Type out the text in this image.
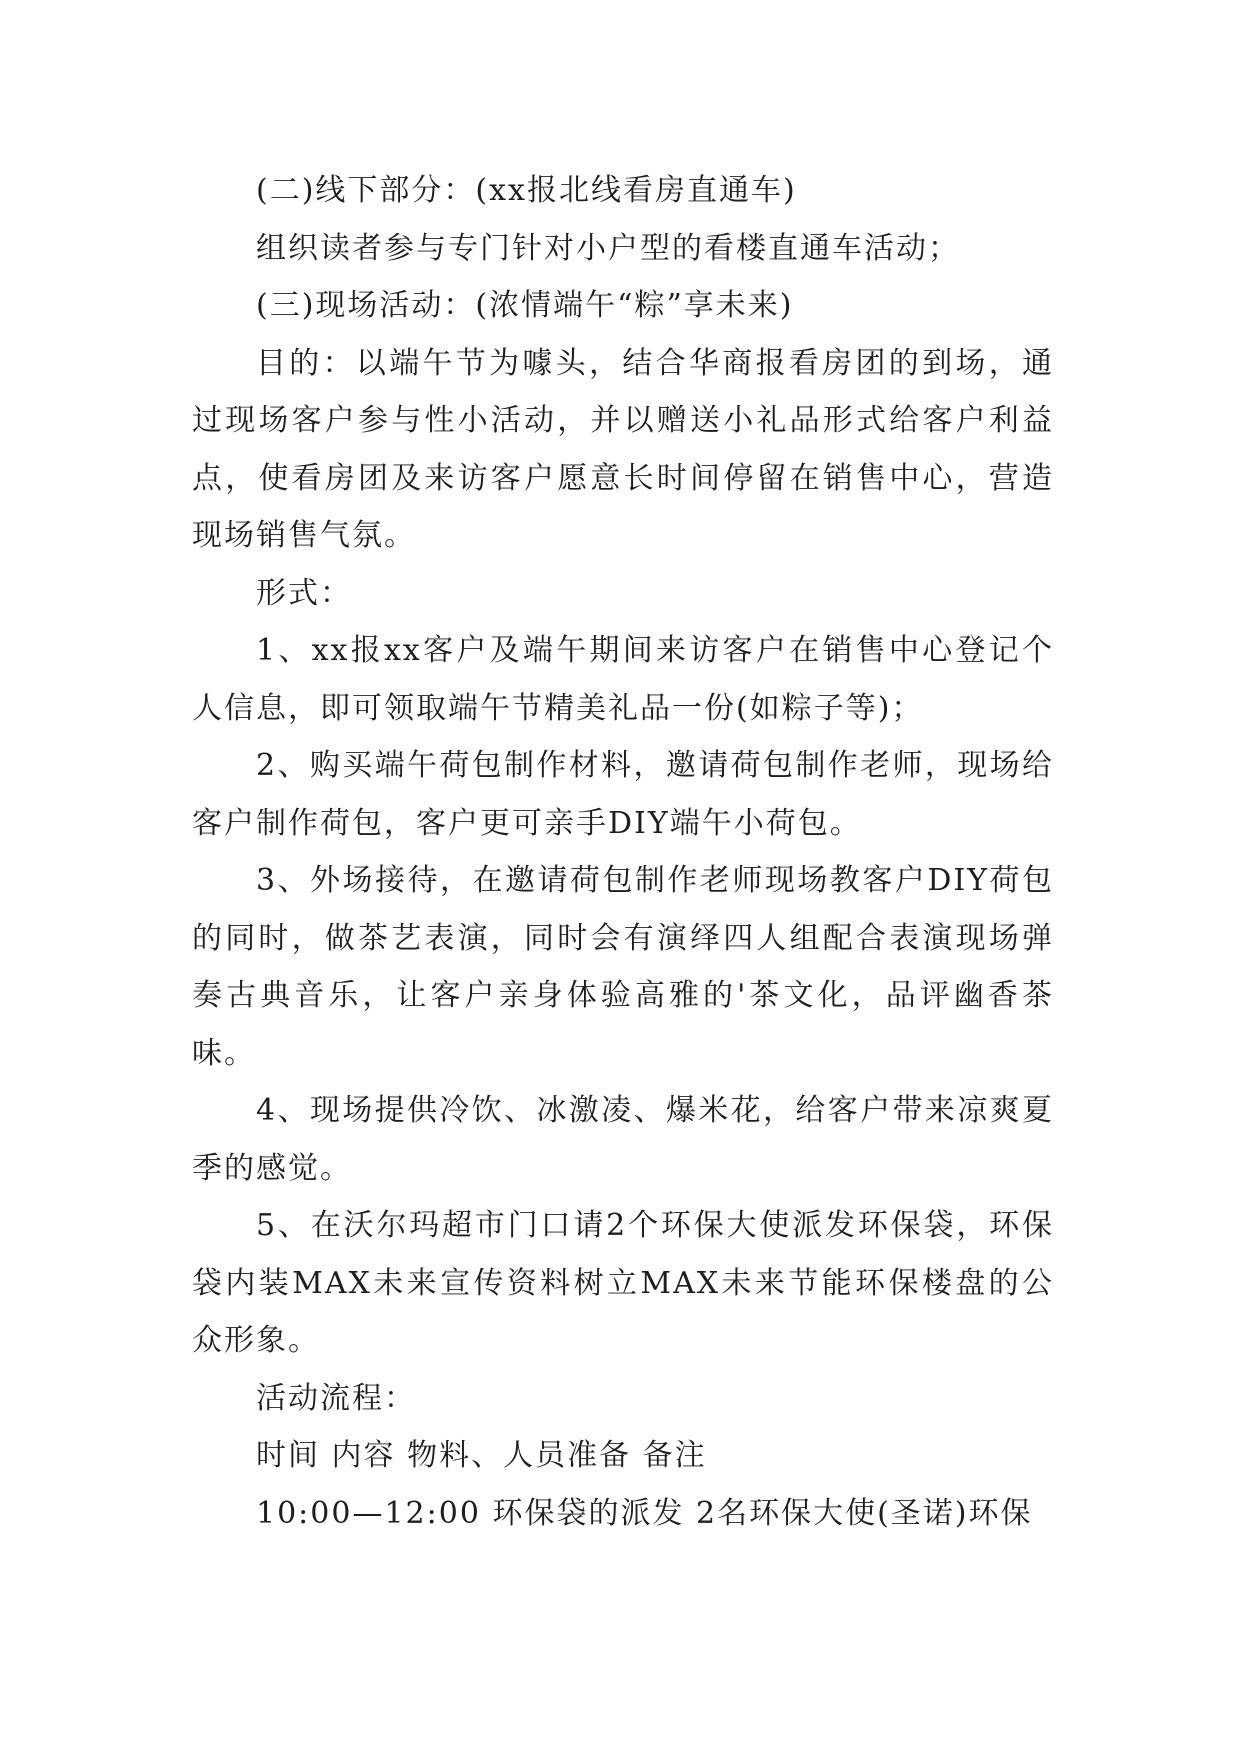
(二)线下部分：(xx报北线看房直通车)

组织读者参与专门针对小户型的看楼直通车活动；

(三)现场活动：(浓情端午“粽”享未来)

目的：以端午节为噱头，结合华商报看房团的到场，通过现场客户参与性小活动，并以赠送小礼品形式给客户利益点，使看房团及来访客户愿意长时间停留在销售中心，营造现场销售气氛。

形式：

1、xx报xx客户及端午期间来访客户在销售中心登记个人信息，即可领取端午节精美礼品一份(如粽子等)；

2、购买端午荷包制作材料，邀请荷包制作老师，现场给客户制作荷包，客户更可亲手DIY端午小荷包。

3、外场接待，在邀请荷包制作老师现场教客户DIY荷包的同时，做茶艺表演，同时会有演绎四人组配合表演现场弹奏古典音乐，让客户亲身体验高雅的'茶文化，品评幽香茶味。

4、现场提供冷饮、冰激凌、爆米花，给客户带来凉爽夏季的感觉。

5、在沃尔玛超市门口请2个环保大使派发环保袋，环保袋内装MAX未来宣传资料树立MAX未来节能环保楼盘的公众形象。

活动流程：

时间 内容 物料、人员准备 备注

10:00—12:00 环保袋的派发 2名环保大使(圣诺)环保
